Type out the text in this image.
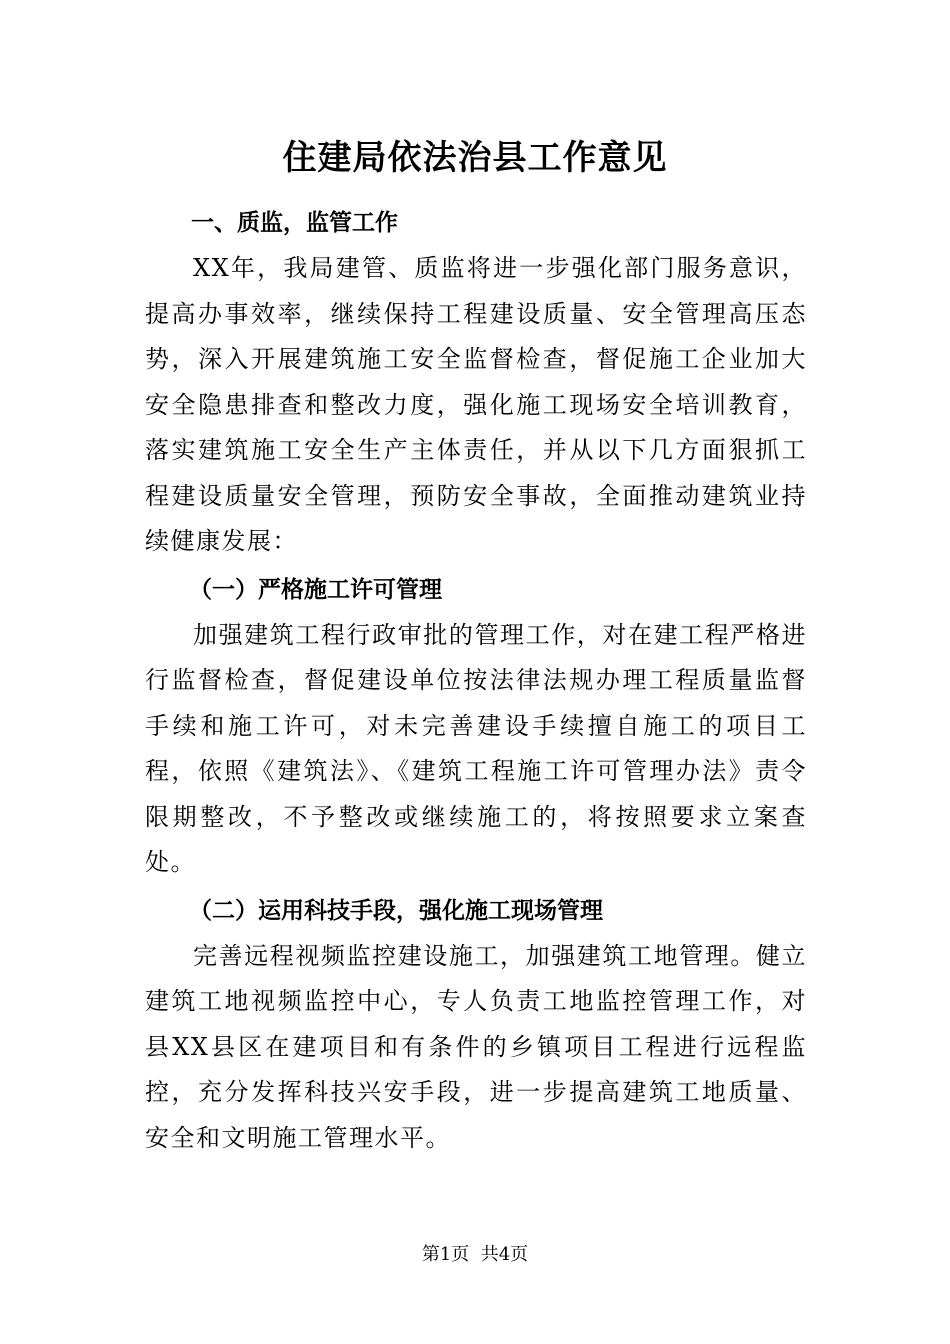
住建局依法治县工作意见
一、质监，监管工作

XX年，我局建管、质监将进一步强化部门服务意识，提高办事效率，继续保持工程建设质量、安全管理高压态势，深入开展建筑施工安全监督检查，督促施工企业加大安全隐患排查和整改力度，强化施工现场安全培训教育，落实建筑施工安全生产主体责任，并从以下几方面狠抓工程建设质量安全管理，预防安全事故，全面推动建筑业持续健康发展：

（一）严格施工许可管理

加强建筑工程行政审批的管理工作，对在建工程严格进行监督检查，督促建设单位按法律法规办理工程质量监督手续和施工许可，对未完善建设手续擅自施工的项目工程，依照《建筑法》、《建筑工程施工许可管理办法》责令限期整改，不予整改或继续施工的，将按照要求立案查处。

（二）运用科技手段，强化施工现场管理

完善远程视频监控建设施工，加强建筑工地管理。健立建筑工地视频监控中心，专人负责工地监控管理工作，对县XX县区在建项目和有条件的乡镇项目工程进行远程监控，充分发挥科技兴安手段，进一步提高建筑工地质量、安全和文明施工管理水平。

第1页  共4页
